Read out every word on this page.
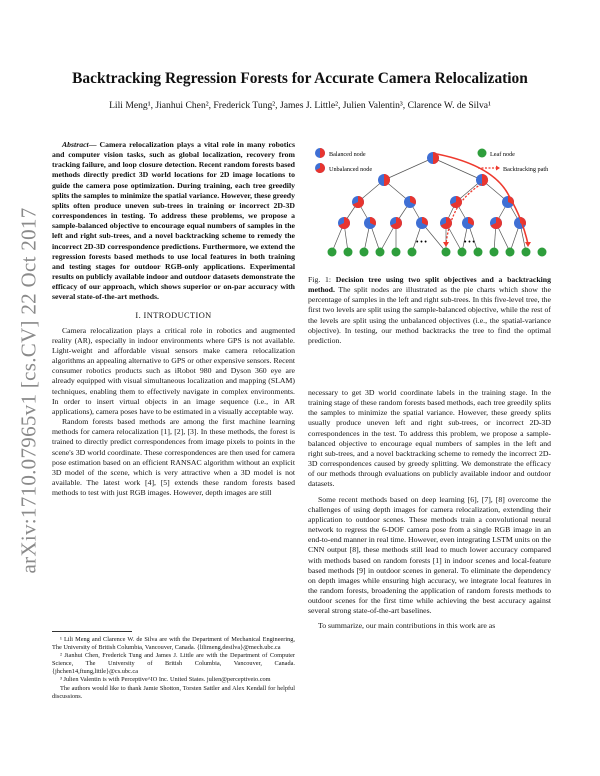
arXiv:1710.07965v1 [cs.CV] 22 Oct 2017
Backtracking Regression Forests for Accurate Camera Relocalization

Lili Meng¹, Jianhui Chen², Frederick Tung², James J. Little², Julien Valentin³, Clarence W. de Silva¹

Abstract— Camera relocalization plays a vital role in many robotics and computer vision tasks, such as global localization, recovery from tracking failure, and loop closure detection. Recent random forests based methods directly predict 3D world locations for 2D image locations to guide the camera pose optimization. During training, each tree greedily splits the samples to minimize the spatial variance. However, these greedy splits often produce uneven sub-trees in training or incorrect 2D-3D correspondences in testing. To address these problems, we propose a sample-balanced objective to encourage equal numbers of samples in the left and right sub-trees, and a novel backtracking scheme to remedy the incorrect 2D-3D correspondence predictions. Furthermore, we extend the regression forests based methods to use local features in both training and testing stages for outdoor RGB-only applications. Experimental results on publicly available indoor and outdoor datasets demonstrate the efficacy of our approach, which shows superior or on-par accuracy with several state-of-the-art methods.

I. INTRODUCTION

Camera relocalization plays a critical role in robotics and augmented reality (AR), especially in indoor environments where GPS is not available. Light-weight and affordable visual sensors make camera relocalization algorithms an appealing alternative to GPS or other expensive sensors. Recent consumer robotics products such as iRobot 980 and Dyson 360 eye are already equipped with visual simultaneous localization and mapping (SLAM) techniques, enabling them to effectively navigate in complex environments. In order to insert virtual objects in an image sequence (i.e., in AR applications), camera poses have to be estimated in a visually acceptable way.

Random forests based methods are among the first machine learning methods for camera relocalization [1], [2], [3]. In these methods, the forest is trained to directly predict correspondences from image pixels to points in the scene's 3D world coordinate. These correspondences are then used for camera pose estimation based on an efficient RANSAC algorithm without an explicit 3D model of the scene, which is very attractive when a 3D model is not available. The latest work [4], [5] extends these random forests based methods to test with just RGB images. However, depth images are still

¹ Lili Meng and Clarence W. de Silva are with the Department of Mechanical Engineering, The University of British Columbia, Vancouver, Canada. {lilimeng,desilva}@mech.ubc.ca

² Jianhui Chen, Frederick Tung and James J. Little are with the Department of Computer Science, The University of British Columbia, Vancouver, Canada. {jhchen14,ftung,little}@cs.ubc.ca

³ Julien Valentin is with Perceptive^IO Inc. United States. julien@perceptiveio.com

The authors would like to thank Jamie Shotton, Torsten Sattler and Alex Kendall for helpful discussions.

Balanced node
Unbalanced node
Leaf node
Backtracking path
• • •	• • •

Fig. 1: Decision tree using two split objectives and a backtracking method. The split nodes are illustrated as the pie charts which show the percentage of samples in the left and right sub-trees. In this five-level tree, the first two levels are split using the sample-balanced objective, while the rest of the levels are split using the unbalanced objectives (i.e., the spatial-variance objective). In testing, our method backtracks the tree to find the optimal prediction.

necessary to get 3D world coordinate labels in the training stage. In the training stage of these random forests based methods, each tree greedily splits the samples to minimize the spatial variance. However, these greedy splits usually produce uneven left and right sub-trees, or incorrect 2D-3D correspondences in the test. To address this problem, we propose a sample-balanced objective to encourage equal numbers of samples in the left and right sub-trees, and a novel backtracking scheme to remedy the incorrect 2D-3D correspondences caused by greedy splitting. We demonstrate the efficacy of our methods through evaluations on publicly available indoor and outdoor datasets.

Some recent methods based on deep learning [6], [7], [8] overcome the challenges of using depth images for camera relocalization, extending their application to outdoor scenes. These methods train a convolutional neural network to regress the 6-DOF camera pose from a single RGB image in an end-to-end manner in real time. However, even integrating LSTM units on the CNN output [8], these methods still lead to much lower accuracy compared with methods based on random forests [1] in indoor scenes and local-feature based methods [9] in outdoor scenes in general. To eliminate the dependency on depth images while ensuring high accuracy, we integrate local features in the random forests, broadening the application of random forests methods to outdoor scenes for the first time while achieving the best accuracy against several strong state-of-the-art baselines.

To summarize, our main contributions in this work are as
